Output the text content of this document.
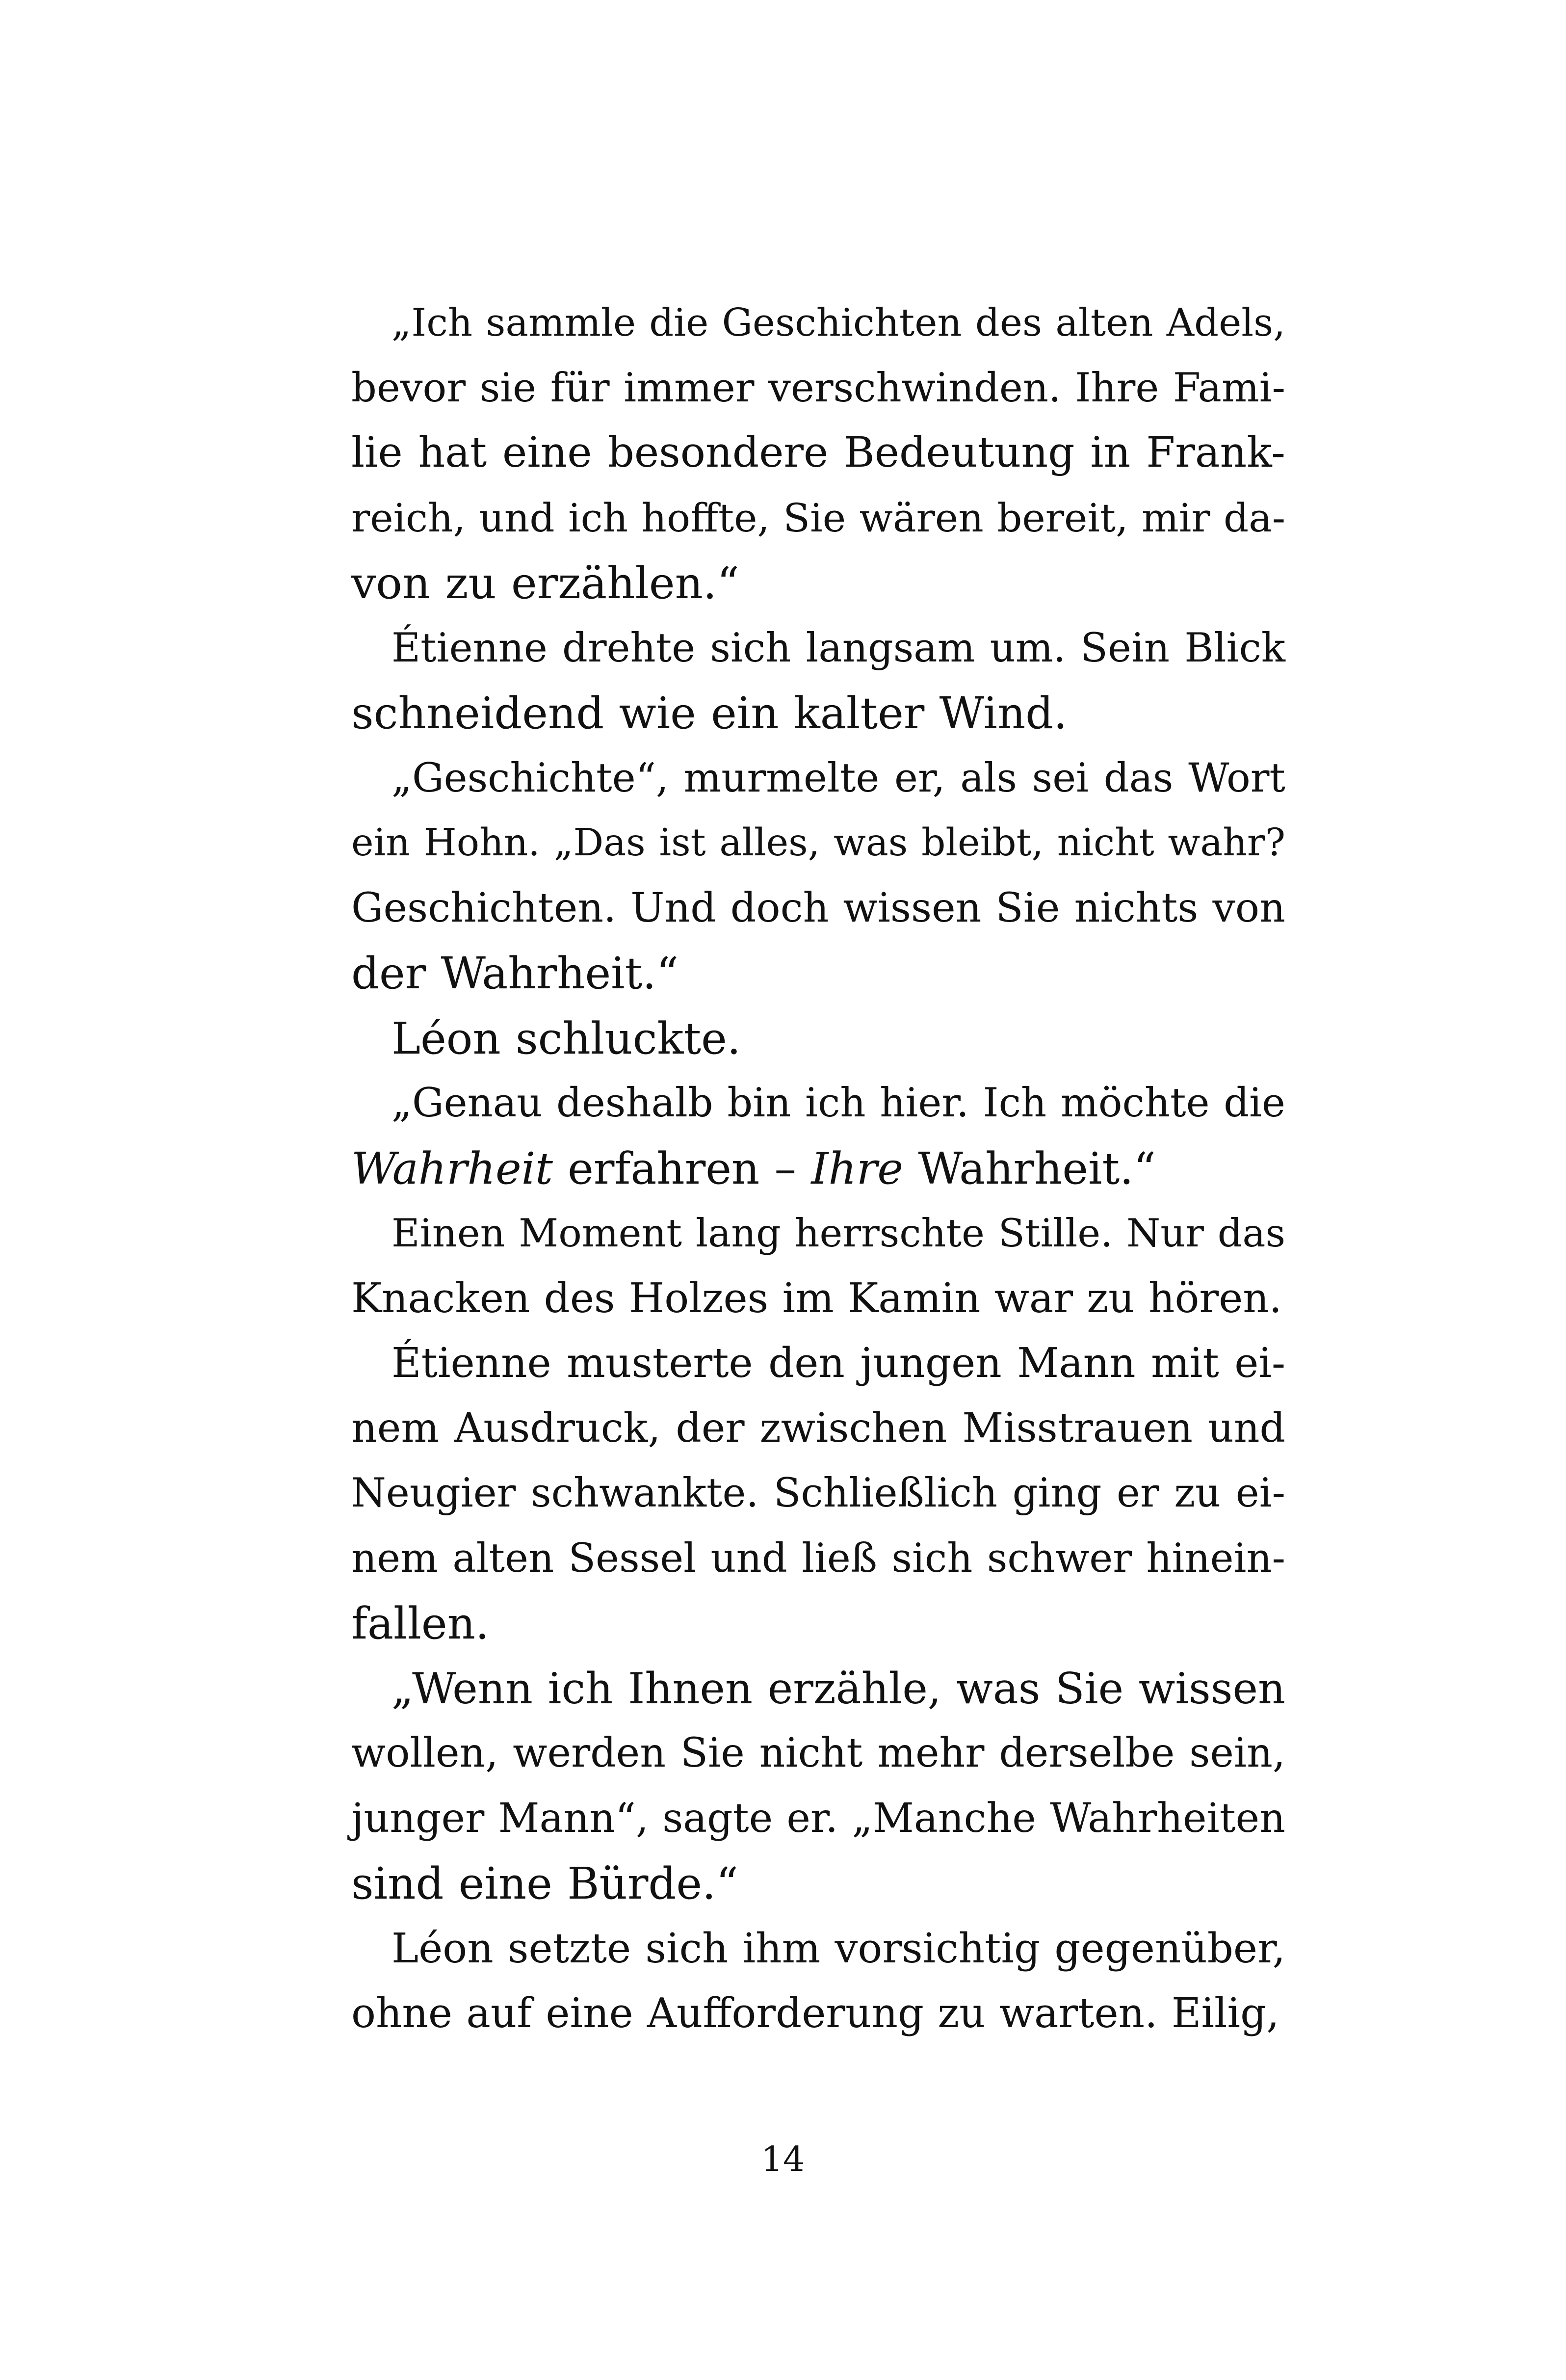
„Ich sammle die Geschichten des alten Adels,
bevor sie für immer verschwinden. Ihre Fami-
lie hat eine besondere Bedeutung in Frank-
reich, und ich hoffte, Sie wären bereit, mir da-
von zu erzählen.“
Étienne drehte sich langsam um. Sein Blick
schneidend wie ein kalter Wind.
„Geschichte“, murmelte er, als sei das Wort
ein Hohn. „Das ist alles, was bleibt, nicht wahr?
Geschichten. Und doch wissen Sie nichts von
der Wahrheit.“
Léon schluckte.
„Genau deshalb bin ich hier. Ich möchte die
Wahrheit erfahren – Ihre Wahrheit.“
Einen Moment lang herrschte Stille. Nur das
Knacken des Holzes im Kamin war zu hören.
Étienne musterte den jungen Mann mit ei-
nem Ausdruck, der zwischen Misstrauen und
Neugier schwankte. Schließlich ging er zu ei-
nem alten Sessel und ließ sich schwer hinein-
fallen.
„Wenn ich Ihnen erzähle, was Sie wissen
wollen, werden Sie nicht mehr derselbe sein,
junger Mann“, sagte er. „Manche Wahrheiten
sind eine Bürde.“
Léon setzte sich ihm vorsichtig gegenüber,
ohne auf eine Aufforderung zu warten. Eilig,
14
